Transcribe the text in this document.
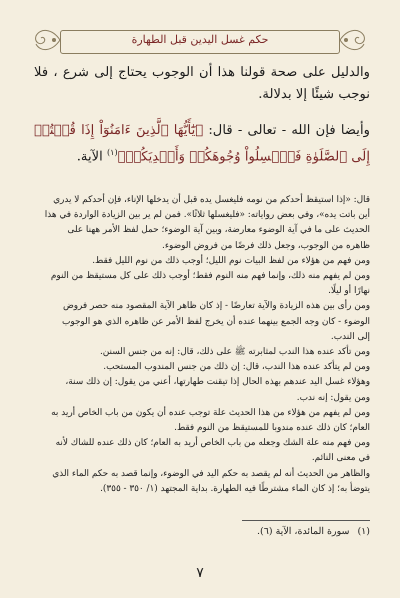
حكم غسل اليدين قبل الطهارة

والدليل على صحة قولنا هذا أن الوجوب يحتاج إلى شرع ، فلا نوجب شيئًا إلا بدلالة.

وأيضا فإن الله - تعالى - قال: ﴿يَٰٓأَيُّهَا ٱلَّذِينَ ءَامَنُوٓاْ إِذَا قُمۡتُمۡ إِلَى ٱلصَّلَوٰةِ فَٱغۡسِلُواْ وُجُوهَكُمۡ وَأَيۡدِيَكُمۡ﴾$^{(١)}$ الآية.

قال: «إذا استيقظ أحدكم من نومه فليغسل يده قبل أن يدخلها الإناء، فإن أحدكم لا يدري

أين باتت يده»، وفي بعض رواياته: «فليغسلها ثلاثًا». فمن لم ير بين الزيادة الواردة في هذا

الحديث على ما في آية الوضوء معارضة، وبين آية الوضوء؛ حمل لفظ الأمر ههنا على

ظاهره من الوجوب، وجعل ذلك فرضًا من فروض الوضوء.

ومن فهم من هؤلاء من لفظ البيات نوم الليل؛ أوجب ذلك من نوم الليل فقط.

ومن لم يفهم منه ذلك، وإنما فهم منه النوم فقط؛ أوجب ذلك على كل مستيقظ من النوم

نهارًا أو ليلًا.

ومن رأى بين هذه الزيادة والآية تعارضًا - إذ كان ظاهر الآية المقصود منه حصر فروض

الوضوء - كان وجه الجمع بينهما عنده أن يخرج لفظ الأمر عن ظاهره الذي هو الوجوب

إلى الندب.

ومن تأكد عنده هذا الندب لمثابرته ﷺ على ذلك، قال: إنه من جنس السنن.

ومن لم يتأكد عنده هذا الندب، قال: إن ذلك من جنس المندوب المستحب.

وهؤلاء غسل اليد عندهم بهذه الحال إذا تيقنت طهارتها، أعني من يقول: إن ذلك سنة،

ومن يقول: إنه ندب.

ومن لم يفهم من هؤلاء من هذا الحديث علة توجب عنده أن يكون من باب الخاص أريد به

العام؛ كان ذلك عنده مندوبا للمستيقظ من النوم فقط.

ومن فهم منه علة الشك وجعله من باب الخاص أريد به العام؛ كان ذلك عنده للشاك لأنه

في معنى النائم.

والظاهر من الحديث أنه لم يقصد به حكم اليد في الوضوء، وإنما قصد به حكم الماء الذي

يتوضأ به؛ إذ كان الماء مشترطًا فيه الطهارة. بداية المجتهد (١/ ٣٥٠ - ٣٥٥).

(١)سورة المائدة، الآية (٦).
٧
